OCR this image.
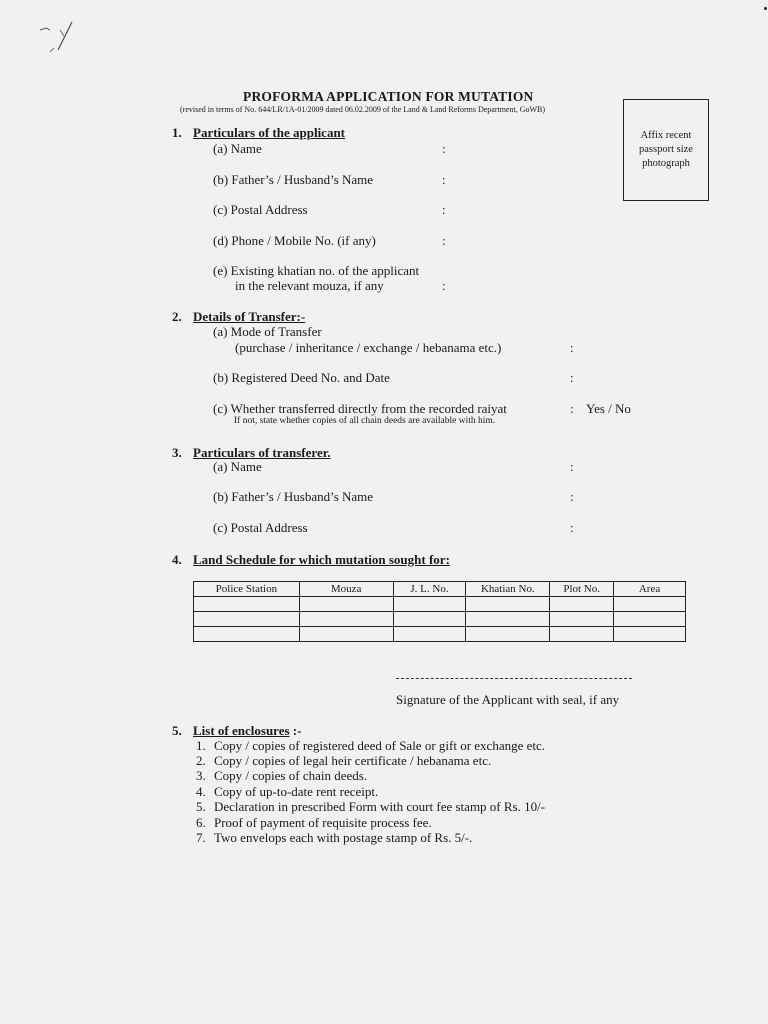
PROFORMA APPLICATION FOR MUTATION
(revised in terms of No. 644/LR/1A-01/2009 dated 06.02.2009 of the Land & Land Reforms Department, GoWB)
Affix recent
passport size
photograph
1. Particulars of the applicant
(a) Name	:
(b) Father’s / Husband’s Name	:
(c) Postal Address	:
(d) Phone / Mobile No. (if any)	:
(e) Existing khatian no. of the applicant
in the relevant mouza, if any	:
2. Details of Transfer:-
(a) Mode of Transfer
(purchase / inheritance / exchange / hebanama etc.)	:
(b) Registered Deed No. and Date	:
(c) Whether transferred directly from the recorded raiyat	: Yes / No
If not, state whether copies of all chain deeds are available with him.
3. Particulars of transferer.
(a) Name	:
(b) Father’s / Husband’s Name	:
(c) Postal Address	:
4. Land Schedule for which mutation sought for:
Police Station	Mouza	J. L. No.	Khatian No.	Plot No.	Area

Signature of the Applicant with seal, if any
5. List of enclosures :-
1. Copy / copies of registered deed of Sale or gift or exchange etc.
2. Copy / copies of legal heir certificate / hebanama etc.
3. Copy / copies of chain deeds.
4. Copy of up-to-date rent receipt.
5. Declaration in prescribed Form with court fee stamp of Rs. 10/-
6. Proof of payment of requisite process fee.
7. Two envelops each with postage stamp of Rs. 5/-.
